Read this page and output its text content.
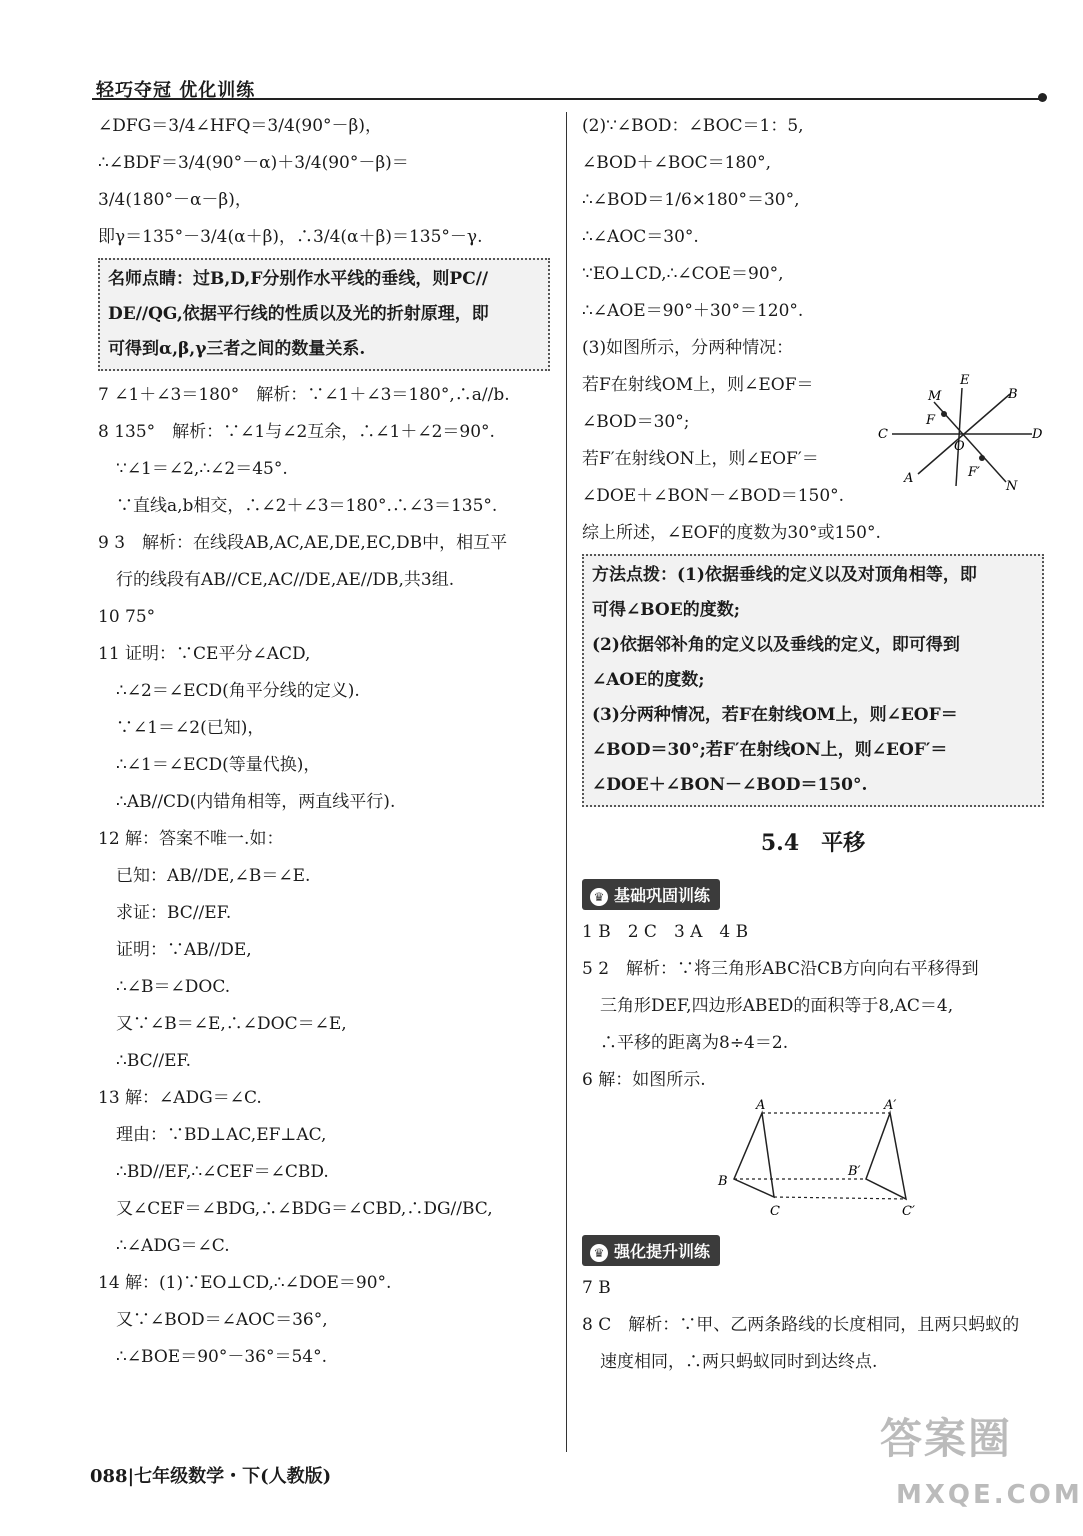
轻巧夺冠 优化训练
∠DFG＝3/4∠HFQ＝3/4(90°－β)，
∴∠BDF＝3/4(90°－α)＋3/4(90°－β)＝
3/4(180°－α－β)，
即γ＝135°－3/4(α＋β)，∴3/4(α＋β)＝135°－γ.
名师点睛：过B,D,F分别作水平线的垂线，则PC//
DE//QG,依据平行线的性质以及光的折射原理，即
可得到α,β,γ三者之间的数量关系.
7 ∠1＋∠3＝180°　解析：∵∠1＋∠3＝180°,∴a//b.
8 135°　解析：∵∠1与∠2互余，∴∠1＋∠2＝90°.
∵∠1＝∠2,∴∠2＝45°.
∵直线a,b相交，∴∠2＋∠3＝180°.∴∠3＝135°.
9 3　解析：在线段AB,AC,AE,DE,EC,DB中，相互平
行的线段有AB//CE,AC//DE,AE//DB,共3组.
10 75°
11 证明：∵CE平分∠ACD,
∴∠2＝∠ECD(角平分线的定义).
∵∠1＝∠2(已知)，
∴∠1＝∠ECD(等量代换)，
∴AB//CD(内错角相等，两直线平行).
12 解：答案不唯一.如：
已知：AB//DE,∠B＝∠E.
求证：BC//EF.
证明：∵AB//DE,
∴∠B＝∠DOC.
又∵∠B＝∠E,∴∠DOC＝∠E,
∴BC//EF.
13 解：∠ADG＝∠C.
理由：∵BD⊥AC,EF⊥AC,
∴BD//EF,∴∠CEF＝∠CBD.
又∠CEF＝∠BDG,∴∠BDG＝∠CBD,∴DG//BC,
∴∠ADG＝∠C.
14 解：(1)∵EO⊥CD,∴∠DOE＝90°.
又∵∠BOD＝∠AOC＝36°,
∴∠BOE＝90°－36°＝54°.
(2)∵∠BOD：∠BOC＝1：5,
∠BOD＋∠BOC＝180°,
∴∠BOD＝1/6×180°＝30°,
∴∠AOC＝30°.
∵EO⊥CD,∴∠COE＝90°,
∴∠AOE＝90°＋30°＝120°.
(3)如图所示，分两种情况：
若F在射线OM上，则∠EOF＝
∠BOD＝30°;
若F′在射线ON上，则∠EOF′＝
∠DOE＋∠BON－∠BOD＝150°.
综上所述，∠EOF的度数为30°或150°.
M
E
B
F
C
O
D
A	F′
N
方法点拨：(1)依据垂线的定义以及对顶角相等，即
可得∠BOE的度数;
(2)依据邻补角的定义以及垂线的定义，即可得到
∠AOE的度数;
(3)分两种情况，若F在射线OM上，则∠EOF＝
∠BOD＝30°;若F′在射线ON上，则∠EOF′＝
∠DOE＋∠BON－∠BOD＝150°.
5.4　平移
♛ 基础巩固训练
1 B　2 C　3 A　4 B
5 2　解析：∵将三角形ABC沿CB方向向右平移得到
三角形DEF,四边形ABED的面积等于8,AC＝4,
∴平移的距离为8÷4＝2.
6 解：如图所示.
A	A′
B
B′
C	C′
♛ 强化提升训练
7 B
8 C　解析：∵甲、乙两条路线的长度相同，且两只蚂蚁的
速度相同，∴两只蚂蚁同时到达终点.
088|七年级数学・下(人教版)
答案圈
MXQE.COM
